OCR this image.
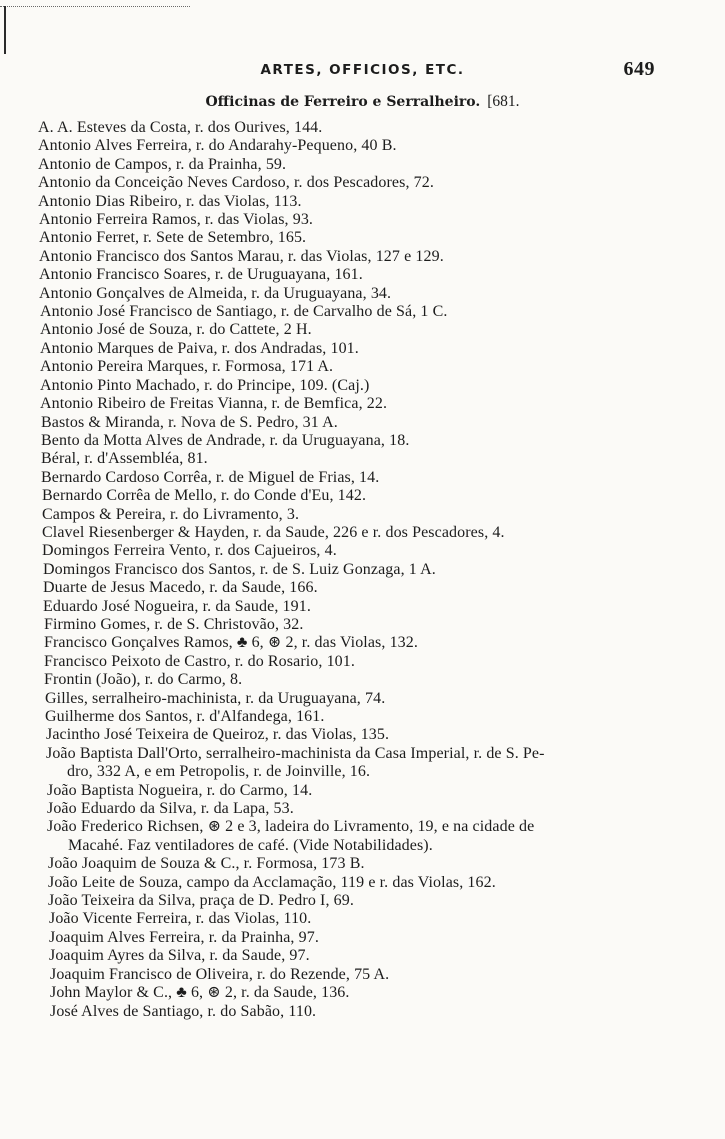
ARTES, OFFICIOS, ETC.	649
Officinas de Ferreiro e Serralheiro. [681.
A. A. Esteves da Costa, r. dos Ourives, 144.
Antonio Alves Ferreira, r. do Andarahy-Pequeno, 40 B.
Antonio de Campos, r. da Prainha, 59.
Antonio da Conceição Neves Cardoso, r. dos Pescadores, 72.
Antonio Dias Ribeiro, r. das Violas, 113.
Antonio Ferreira Ramos, r. das Violas, 93.
Antonio Ferret, r. Sete de Setembro, 165.
Antonio Francisco dos Santos Marau, r. das Violas, 127 e 129.
Antonio Francisco Soares, r. de Uruguayana, 161.
Antonio Gonçalves de Almeida, r. da Uruguayana, 34.
Antonio José Francisco de Santiago, r. de Carvalho de Sá, 1 C.
Antonio José de Souza, r. do Cattete, 2 H.
Antonio Marques de Paiva, r. dos Andradas, 101.
Antonio Pereira Marques, r. Formosa, 171 A.
Antonio Pinto Machado, r. do Principe, 109. (Caj.)
Antonio Ribeiro de Freitas Vianna, r. de Bemfica, 22.
Bastos & Miranda, r. Nova de S. Pedro, 31 A.
Bento da Motta Alves de Andrade, r. da Uruguayana, 18.
Béral, r. d'Assembléa, 81.
Bernardo Cardoso Corrêa, r. de Miguel de Frias, 14.
Bernardo Corrêa de Mello, r. do Conde d'Eu, 142.
Campos & Pereira, r. do Livramento, 3.
Clavel Riesenberger & Hayden, r. da Saude, 226 e r. dos Pescadores, 4.
Domingos Ferreira Vento, r. dos Cajueiros, 4.
Domingos Francisco dos Santos, r. de S. Luiz Gonzaga, 1 A.
Duarte de Jesus Macedo, r. da Saude, 166.
Eduardo José Nogueira, r. da Saude, 191.
Firmino Gomes, r. de S. Christovão, 32.
Francisco Gonçalves Ramos, ♣ 6, ⊛ 2, r. das Violas, 132.
Francisco Peixoto de Castro, r. do Rosario, 101.
Frontin (João), r. do Carmo, 8.
Gilles, serralheiro-machinista, r. da Uruguayana, 74.
Guilherme dos Santos, r. d'Alfandega, 161.
Jacintho José Teixeira de Queiroz, r. das Violas, 135.
João Baptista Dall'Orto, serralheiro-machinista da Casa Imperial, r. de S. Pe-
dro, 332 A, e em Petropolis, r. de Joinville, 16.
João Baptista Nogueira, r. do Carmo, 14.
João Eduardo da Silva, r. da Lapa, 53.
João Frederico Richsen, ⊛ 2 e 3, ladeira do Livramento, 19, e na cidade de
Macahé. Faz ventiladores de café. (Vide Notabilidades).
João Joaquim de Souza & C., r. Formosa, 173 B.
João Leite de Souza, campo da Acclamação, 119 e r. das Violas, 162.
João Teixeira da Silva, praça de D. Pedro I, 69.
João Vicente Ferreira, r. das Violas, 110.
Joaquim Alves Ferreira, r. da Prainha, 97.
Joaquim Ayres da Silva, r. da Saude, 97.
Joaquim Francisco de Oliveira, r. do Rezende, 75 A.
John Maylor & C., ♣ 6, ⊛ 2, r. da Saude, 136.
José Alves de Santiago, r. do Sabão, 110.
